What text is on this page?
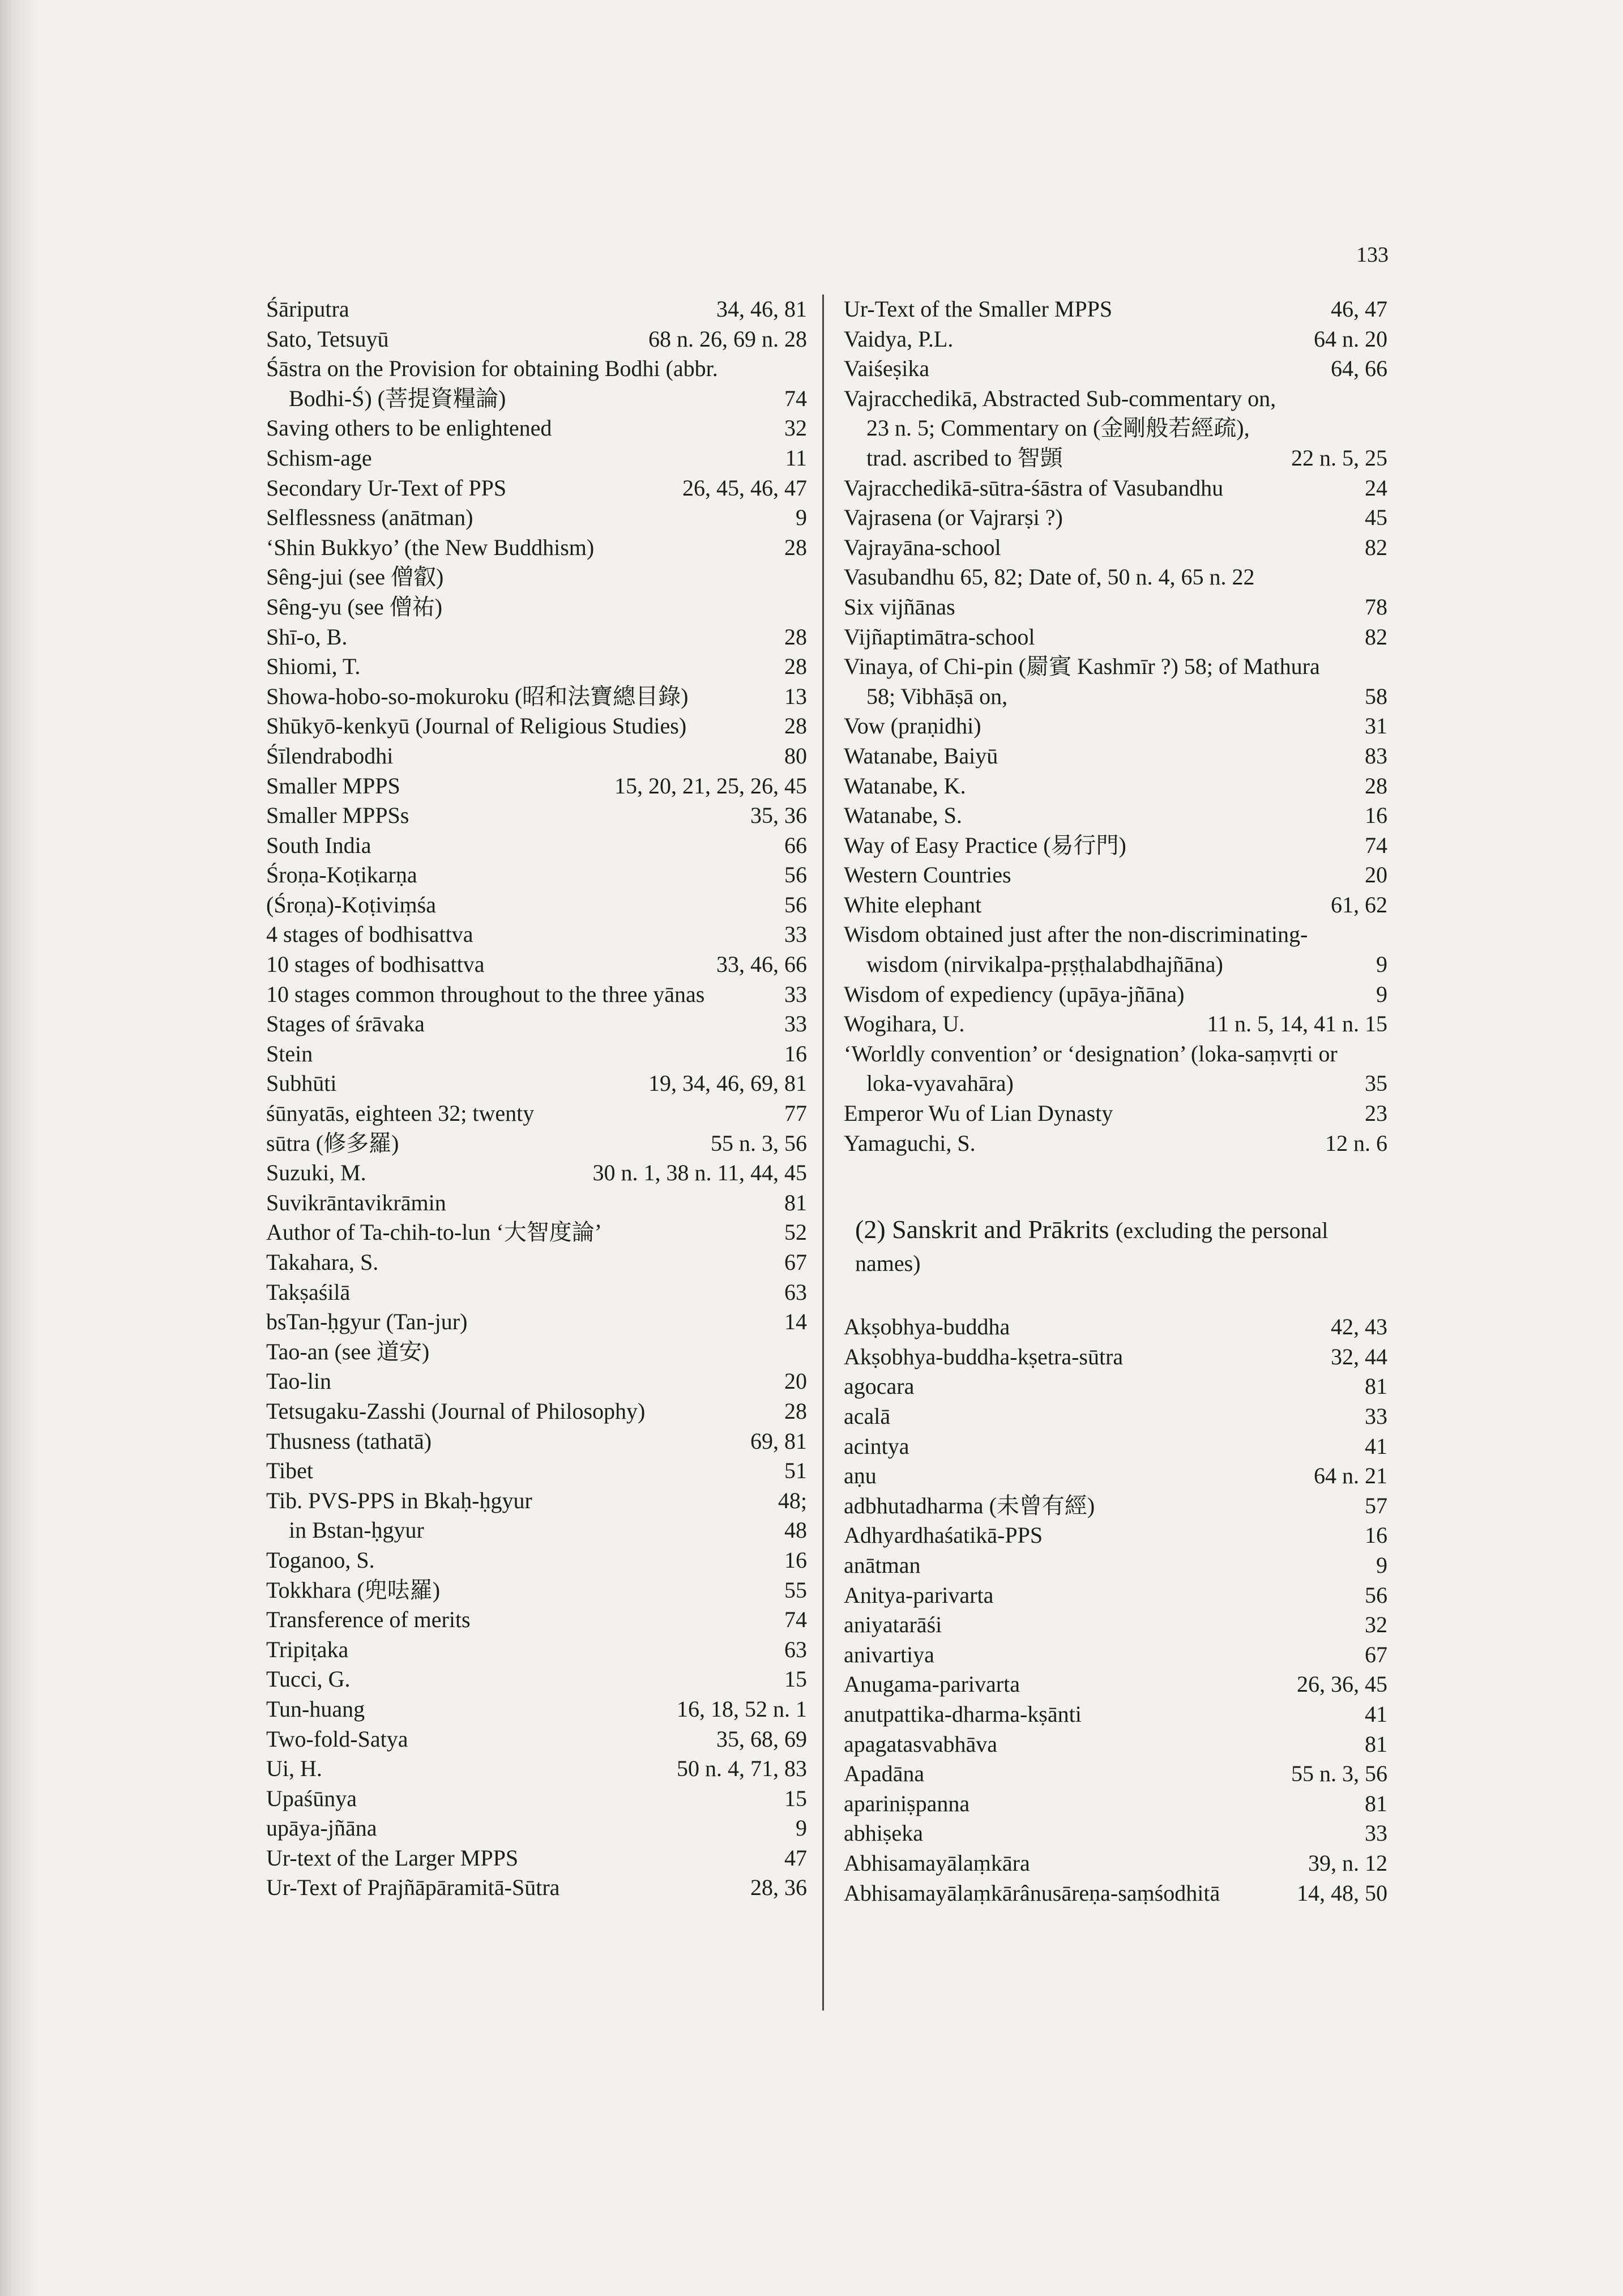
133
Śāriputra	34, 46, 81
Sato, Tetsuyū	68 n. 26, 69 n. 28
Śāstra on the Provision for obtaining Bodhi (abbr. Bodhi-Ś) (菩提資糧論)	74
Saving others to be enlightened	32
Schism-age	11
Secondary Ur-Text of PPS	26, 45, 46, 47
Selflessness (anātman)	9
‘Shin Bukkyo’ (the New Buddhism)	28
Sêng-jui (see 僧叡)
Sêng-yu (see 僧祐)
Shī-o, B.	28
Shiomi, T.	28
Showa-hobo-so-mokuroku (昭和法寶總目錄)	13
Shūkyō-kenkyū (Journal of Religious Studies)	28
Śīlendrabodhi	80
Smaller MPPS	15, 20, 21, 25, 26, 45
Smaller MPPSs	35, 36
South India	66
Śroṇa-Koṭikarṇa	56
(Śroṇa)-Koṭiviṃśa	56
4 stages of bodhisattva	33
10 stages of bodhisattva	33, 46, 66
10 stages common throughout to the three yānas	33
Stages of śrāvaka	33
Stein	16
Subhūti	19, 34, 46, 69, 81
śūnyatās, eighteen 32; twenty	77
sūtra (修多羅)	55 n. 3, 56
Suzuki, M.	30 n. 1, 38 n. 11, 44, 45
Suvikrāntavikrāmin	81
Author of Ta-chih-to-lun ‘大智度論’	52
Takahara, S.	67
Takṣaśilā	63
bsTan-ḥgyur (Tan-jur)	14
Tao-an (see 道安)
Tao-lin	20
Tetsugaku-Zasshi (Journal of Philosophy)	28
Thusness (tathatā)	69, 81
Tibet	51
Tib. PVS-PPS in Bkaḥ-ḥgyur	48;
in Bstan-ḥgyur	48
Toganoo, S.	16
Tokkhara (兜呿羅)	55
Transference of merits	74
Tripiṭaka	63
Tucci, G.	15
Tun-huang	16, 18, 52 n. 1
Two-fold-Satya	35, 68, 69
Ui, H.	50 n. 4, 71, 83
Upaśūnya	15
upāya-jñāna	9
Ur-text of the Larger MPPS	47
Ur-Text of Prajñāpāramitā-Sūtra	28, 36
Ur-Text of the Smaller MPPS	46, 47
Vaidya, P.L.	64 n. 20
Vaiśeṣika	64, 66
Vajracchedikā, Abstracted Sub-commentary on, 23 n. 5; Commentary on (金剛般若經疏), trad. ascribed to 智顗	22 n. 5, 25
Vajracchedikā-sūtra-śāstra of Vasubandhu	24
Vajrasena (or Vajrarṣi ?)	45
Vajrayāna-school	82
Vasubandhu 65, 82; Date of, 50 n. 4, 65 n. 22
Six vijñānas	78
Vijñaptimātra-school	82
Vinaya, of Chi-pin (罽賓 Kashmīr ?) 58; of Mathura 58; Vibhāṣā on,	58
Vow (praṇidhi)	31
Watanabe, Baiyū	83
Watanabe, K.	28
Watanabe, S.	16
Way of Easy Practice (易行門)	74
Western Countries	20
White elephant	61, 62
Wisdom obtained just after the non-discriminating-wisdom (nirvikalpa-pṛṣṭhalabdhajñāna)	9
Wisdom of expediency (upāya-jñāna)	9
Wogihara, U.	11 n. 5, 14, 41 n. 15
‘Worldly convention’ or ‘designation’ (loka-saṃvṛti or loka-vyavahāra)	35
Emperor Wu of Lian Dynasty	23
Yamaguchi, S.	12 n. 6
(2) Sanskrit and Prākrits (excluding the personal names)
Akṣobhya-buddha	42, 43
Akṣobhya-buddha-kṣetra-sūtra	32, 44
agocara	81
acalā	33
acintya	41
aṇu	64 n. 21
adbhutadharma (未曾有經)	57
Adhyardhaśatikā-PPS	16
anātman	9
Anitya-parivarta	56
aniyatarāśi	32
anivartiya	67
Anugama-parivarta	26, 36, 45
anutpattika-dharma-kṣānti	41
apagatasvabhāva	81
Apadāna	55 n. 3, 56
apariniṣpanna	81
abhiṣeka	33
Abhisamayālaṃkāra	39, n. 12
Abhisamayālaṃkārânusāreṇa-saṃśodhitā	14, 48, 50
